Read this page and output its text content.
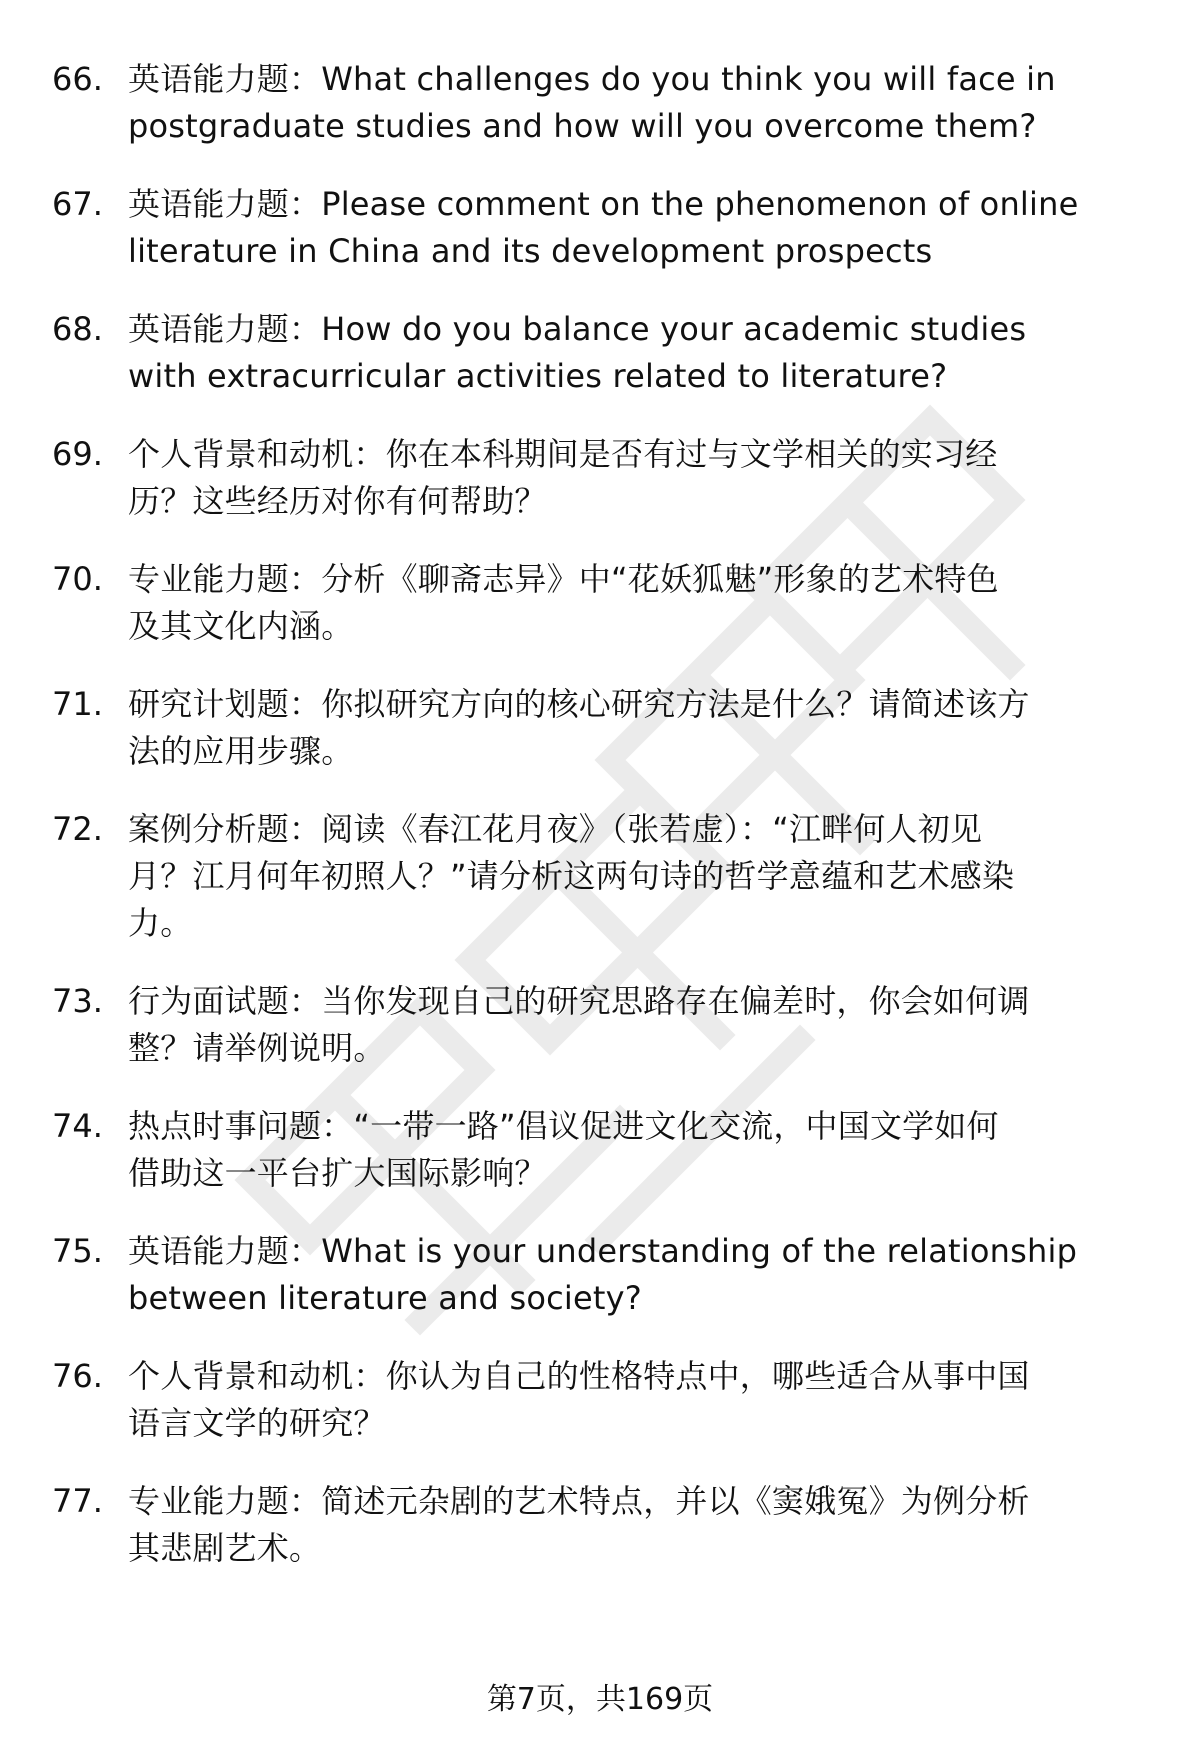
66. 英语能力题：What challenges do you think you will face in
postgraduate studies and how will you overcome them?
67. 英语能力题：Please comment on the phenomenon of online
literature in China and its development prospects
68. 英语能力题：How do you balance your academic studies
with extracurricular activities related to literature?
69. 个人背景和动机：你在本科期间是否有过与文学相关的实习经
历？这些经历对你有何帮助？
70. 专业能力题：分析《聊斋志异》中“花妖狐魅”形象的艺术特色
及其文化内涵。
71. 研究计划题：你拟研究方向的核心研究方法是什么？请简述该方
法的应用步骤。
72. 案例分析题：阅读《春江花月夜》（张若虚）：“江畔何人初见
月？江月何年初照人？”请分析这两句诗的哲学意蕴和艺术感染
力。
73. 行为面试题：当你发现自己的研究思路存在偏差时，你会如何调
整？请举例说明。
74. 热点时事问题：“一带一路”倡议促进文化交流，中国文学如何
借助这一平台扩大国际影响？
75. 英语能力题：What is your understanding of the relationship
between literature and society?
76. 个人背景和动机：你认为自己的性格特点中，哪些适合从事中国
语言文学的研究？
77. 专业能力题：简述元杂剧的艺术特点，并以《窦娥冤》为例分析
其悲剧艺术。
第7页，共169页
